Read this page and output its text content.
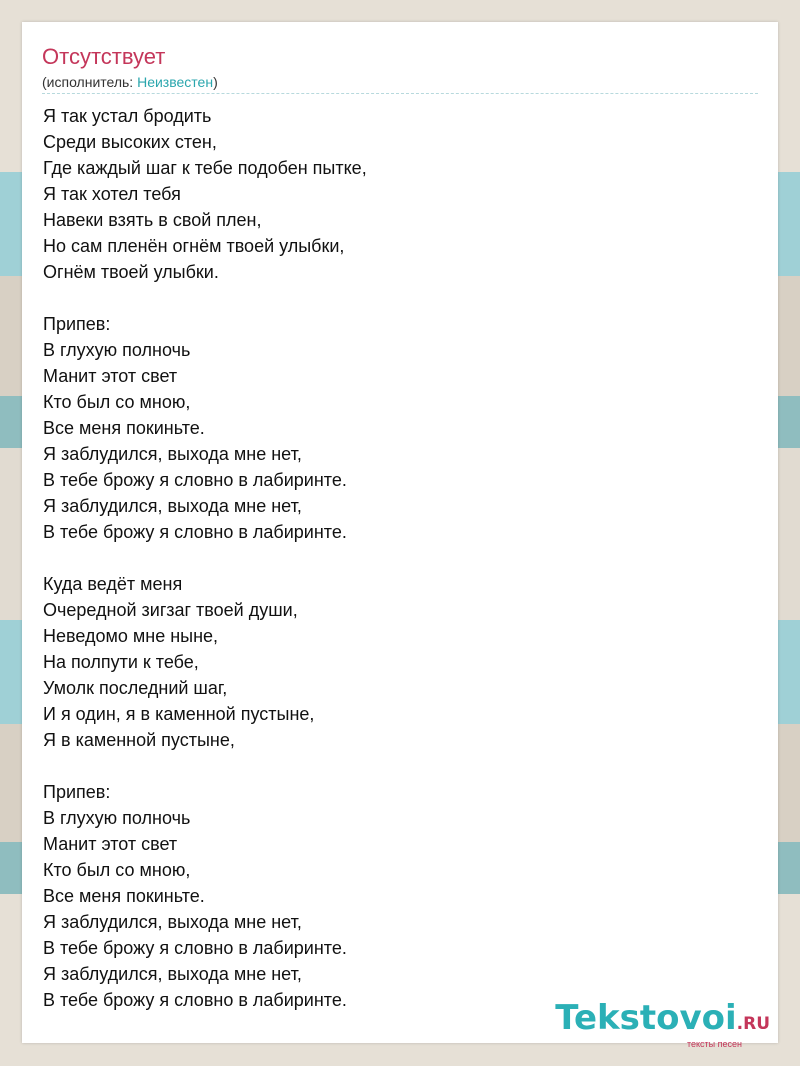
Отсутствует
(исполнитель: Неизвестен)
Я так устал бродить
Среди высоких стен,
Где каждый шаг к тебе подобен пытке,
Я так хотел тебя
Навеки взять в свой плен,
Но сам пленён огнём твоей улыбки,
Огнём твоей улыбки.
Припев:
В глухую полночь
Манит этот свет
Кто был со мною,
Все меня покиньте.
Я заблудился, выхода мне нет,
В тебе брожу я словно в лабиринте.
Я заблудился, выхода мне нет,
В тебе брожу я словно в лабиринте.
Куда ведёт меня
Очередной зигзаг твоей души,
Неведомо мне ныне,
На полпути к тебе,
Умолк последний шаг,
И я один, я в каменной пустыне,
Я в каменной пустыне,
Припев:
В глухую полночь
Манит этот свет
Кто был со мною,
Все меня покиньте.
Я заблудился, выхода мне нет,
В тебе брожу я словно в лабиринте.
Я заблудился, выхода мне нет,
В тебе брожу я словно в лабиринте.	Tekstovoi.RU
тексты песен
